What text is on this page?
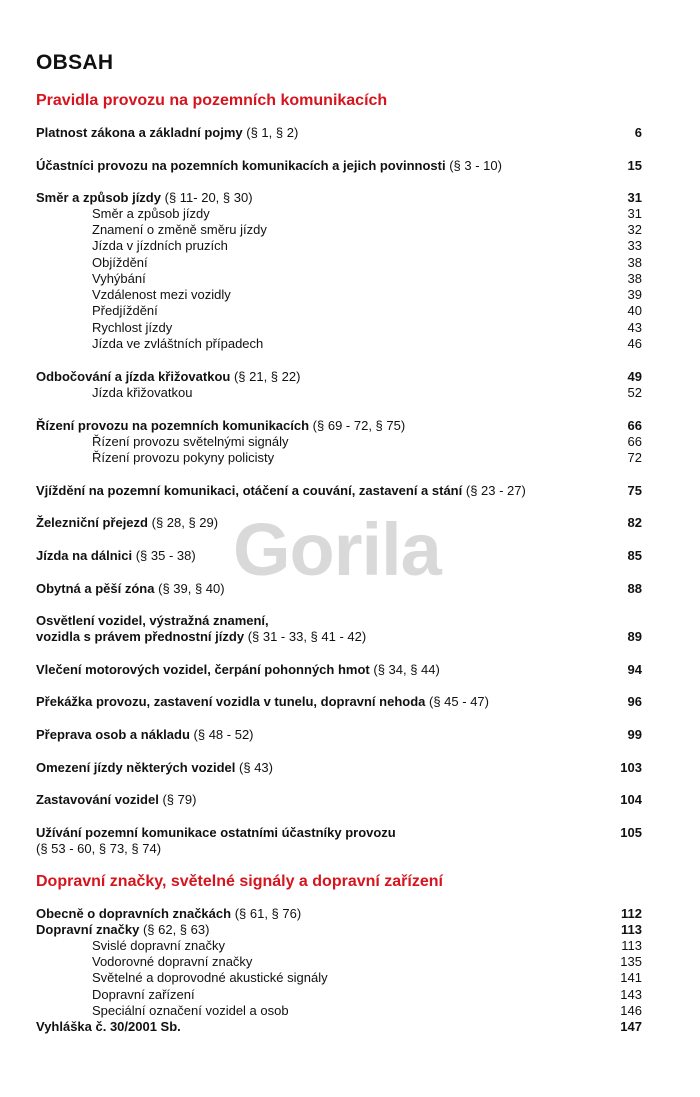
Gorila
OBSAH
Pravidla provozu na pozemních komunikacích
Platnost zákona a základní pojmy (§ 1, § 2)	6
Účastníci provozu na pozemních komunikacích a jejich povinnosti (§ 3 - 10)	15
Směr a způsob jízdy (§ 11- 20, § 30)	31
Směr a způsob jízdy	31
Znamení o změně směru jízdy	32
Jízda v jízdních pruzích	33
Objíždění	38
Vyhýbání	38
Vzdálenost mezi vozidly	39
Předjíždění	40
Rychlost jízdy	43
Jízda ve zvláštních případech	46
Odbočování a jízda křižovatkou (§ 21, § 22)	49
Jízda křižovatkou	52
Řízení provozu na pozemních komunikacích (§ 69 - 72, § 75)	66
Řízení provozu světelnými signály	66
Řízení provozu pokyny policisty	72
Vjíždění na pozemní komunikaci, otáčení a couvání, zastavení a stání (§ 23 - 27)	75
Železniční přejezd (§ 28, § 29)	82
Jízda na dálnici (§ 35 - 38)	85
Obytná a pěší zóna (§ 39, § 40)	88
Osvětlení vozidel, výstražná znamení,
vozidla s právem přednostní jízdy (§ 31 - 33, § 41 - 42)	89
Vlečení motorových vozidel, čerpání pohonných hmot (§ 34, § 44)	94
Překážka provozu, zastavení vozidla v tunelu, dopravní nehoda (§ 45 - 47)	96
Přeprava osob a nákladu (§ 48 - 52)	99
Omezení jízdy některých vozidel (§ 43)	103
Zastavování vozidel (§ 79)	104
Užívání pozemní komunikace ostatními účastníky provozu	105
(§ 53 - 60, § 73, § 74)
Dopravní značky, světelné signály a dopravní zařízení
Obecně o dopravních značkách (§ 61, § 76)	112
Dopravní značky (§ 62, § 63)	113
Svislé dopravní značky	113
Vodorovné dopravní značky	135
Světelné a doprovodné akustické signály	141
Dopravní zařízení	143
Speciální označení vozidel a osob	146
Vyhláška č. 30/2001 Sb.	147
